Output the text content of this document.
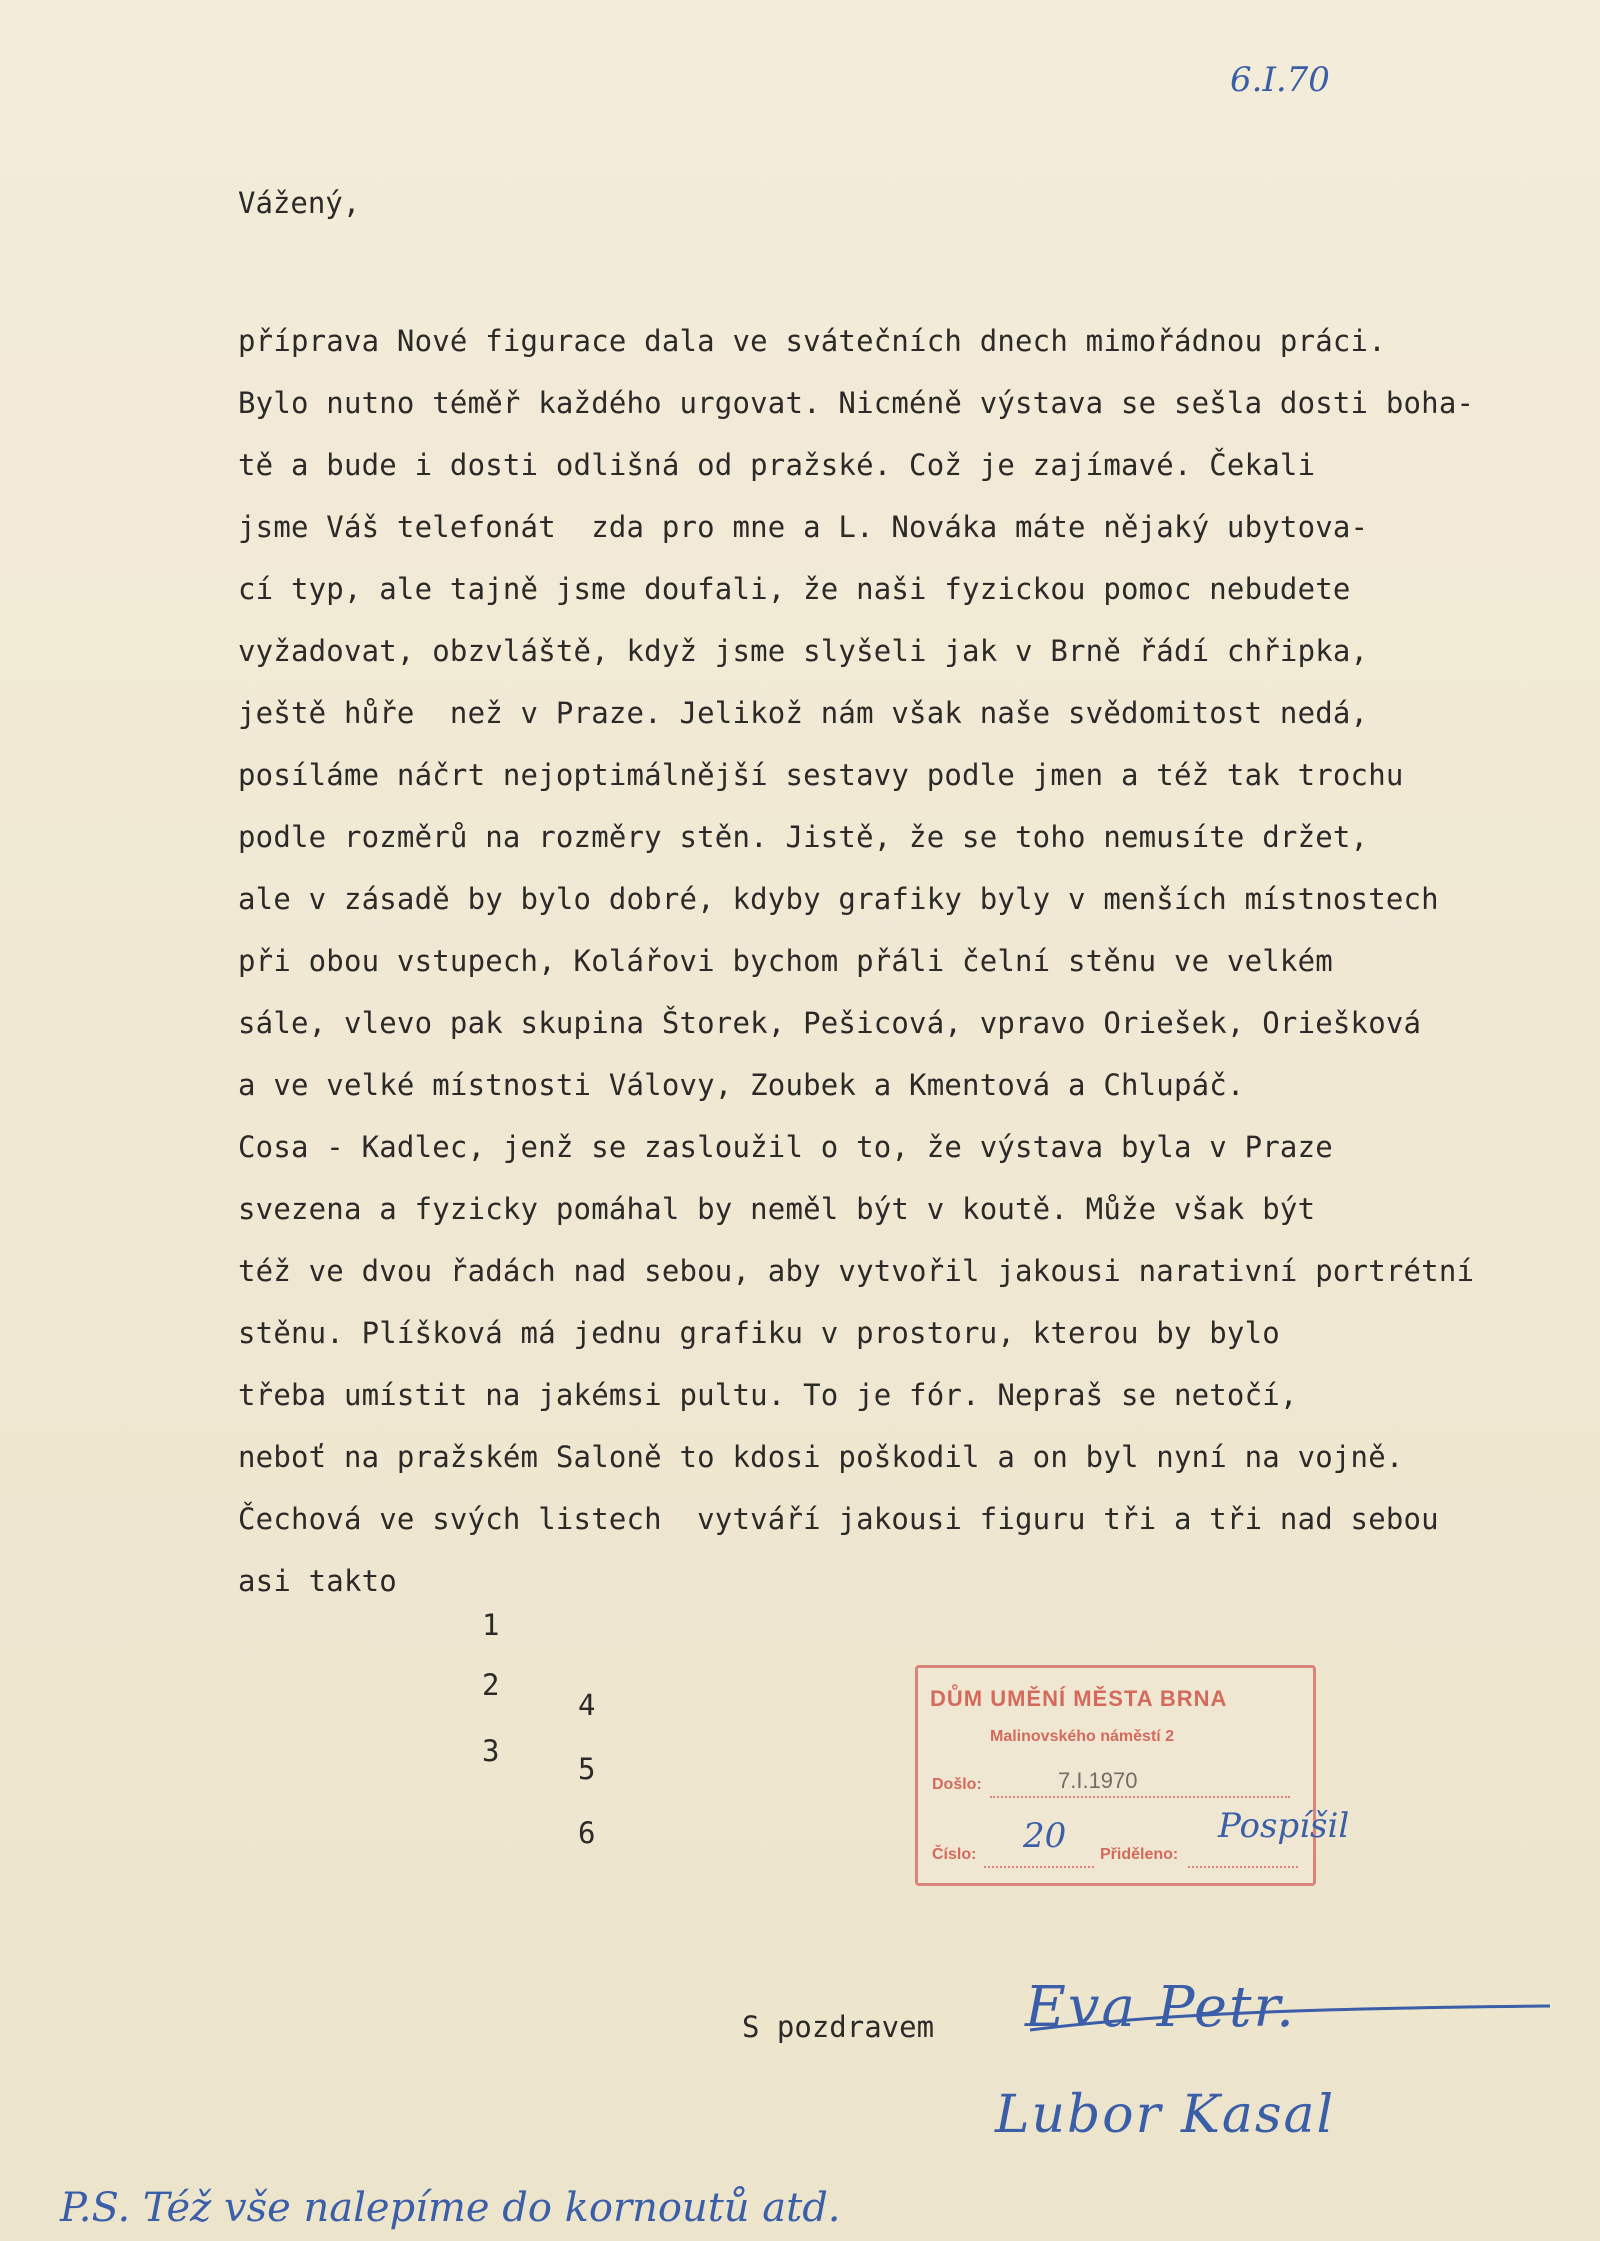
6.I.70
Vážený,
příprava Nové figurace dala ve svátečních dnech mimořádnou práci.
Bylo nutno téměř každého urgovat. Nicméně výstava se sešla dosti boha-
tě a bude i dosti odlišná od pražské. Což je zajímavé. Čekali
jsme Váš telefonát  zda pro mne a L. Nováka máte nějaký ubytova-
cí typ, ale tajně jsme doufali, že naši fyzickou pomoc nebudete
vyžadovat, obzvláště, když jsme slyšeli jak v Brně řádí chřipka,
ještě hůře  než v Praze. Jelikož nám však naše svědomitost nedá,
posíláme náčrt nejoptimálnější sestavy podle jmen a též tak trochu
podle rozměrů na rozměry stěn. Jistě, že se toho nemusíte držet,
ale v zásadě by bylo dobré, kdyby grafiky byly v menších místnostech
při obou vstupech, Kolářovi bychom přáli čelní stěnu ve velkém
sále, vlevo pak skupina Štorek, Pešicová, vpravo Oriešek, Oriešková
a ve velké místnosti Válovy, Zoubek a Kmentová a Chlupáč.
Cosa - Kadlec, jenž se zasloužil o to, že výstava byla v Praze
svezena a fyzicky pomáhal by neměl být v koutě. Může však být
též ve dvou řadách nad sebou, aby vytvořil jakousi narativní portrétní
stěnu. Plíšková má jednu grafiku v prostoru, kterou by bylo
třeba umístit na jakémsi pultu. To je fór. Nepraš se netočí,
neboť na pražském Saloně to kdosi poškodil a on byl nyní na vojně.
Čechová ve svých listech  vytváří jakousi figuru tři a tři nad sebou
asi takto
1
2
3
4
5
6
DŮM UMĚNÍ MĚSTA BRNA
Malinovského náměstí 2
Došlo:	7.I.1970
Číslo: 20 Přiděleno:
Pospíšil
S pozdravem Eva Petr.
Lubor Kasal
P.S. Též vše nalepíme do kornoutů atd.
